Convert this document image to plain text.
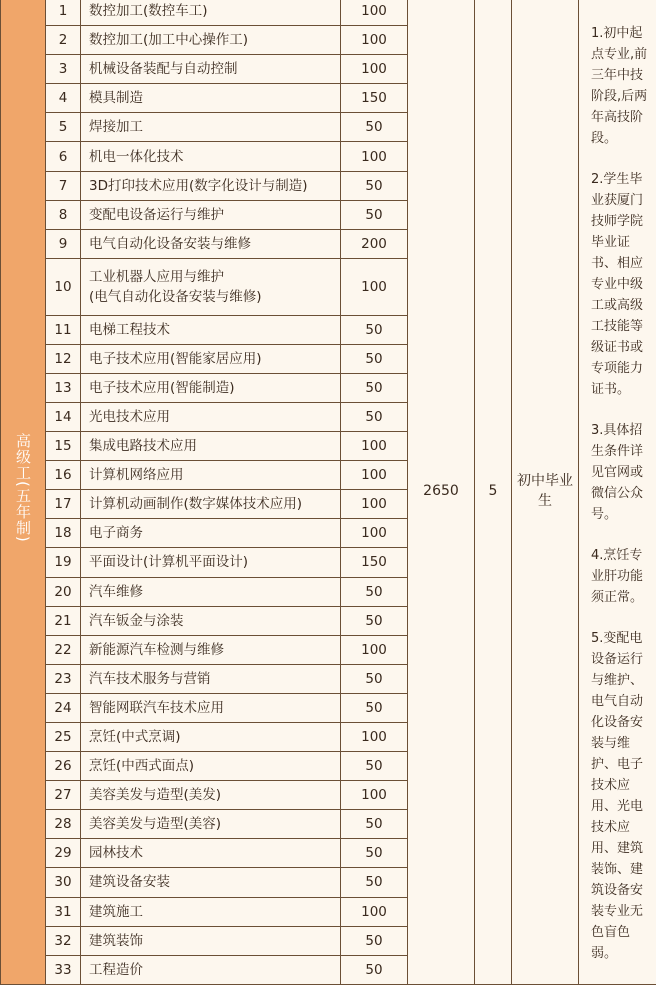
高级工(五年制)	1	数控加工(数控车工)	100	2650	5	初中毕业生	1.初中起点专业,前三年中技阶段,后两年高技阶段。
2.学生毕业获厦门技师学院毕业证书、相应专业中级工或高级工技能等级证书或专项能力证书。
3.具体招生条件详见官网或微信公众号。
4.烹饪专业肝功能须正常。
5.变配电设备运行与维护、电气自动化设备安装与维护、电子技术应用、光电技术应用、建筑装饰、建筑设备安装专业无色盲色弱。

	2	数控加工(加工中心操作工)	100				
	3	机械设备装配与自动控制	100				
	4	模具制造	150				
	5	焊接加工	50				
	6	机电一体化技术	100				
	7	3D打印技术应用(数字化设计与制造)	50				
	8	变配电设备运行与维护	50				
	9	电气自动化设备安装与维修	200				
	10	工业机器人应用与维护
(电气自动化设备安装与维修)	100				
	11	电梯工程技术	50				
	12	电子技术应用(智能家居应用)	50				
	13	电子技术应用(智能制造)	50				
	14	光电技术应用	50				
	15	集成电路技术应用	100				
	16	计算机网络应用	100				
	17	计算机动画制作(数字媒体技术应用)	100				
	18	电子商务	100				
	19	平面设计(计算机平面设计)	150				
	20	汽车维修	50				
	21	汽车钣金与涂装	50				
	22	新能源汽车检测与维修	100				
	23	汽车技术服务与营销	50				
	24	智能网联汽车技术应用	50				
	25	烹饪(中式烹调)	100				
	26	烹饪(中西式面点)	50				
	27	美容美发与造型(美发)	100				
	28	美容美发与造型(美容)	50				
	29	园林技术	50				
	30	建筑设备安装	50				
	31	建筑施工	100				
	32	建筑装饰	50				
	33	工程造价	50				
